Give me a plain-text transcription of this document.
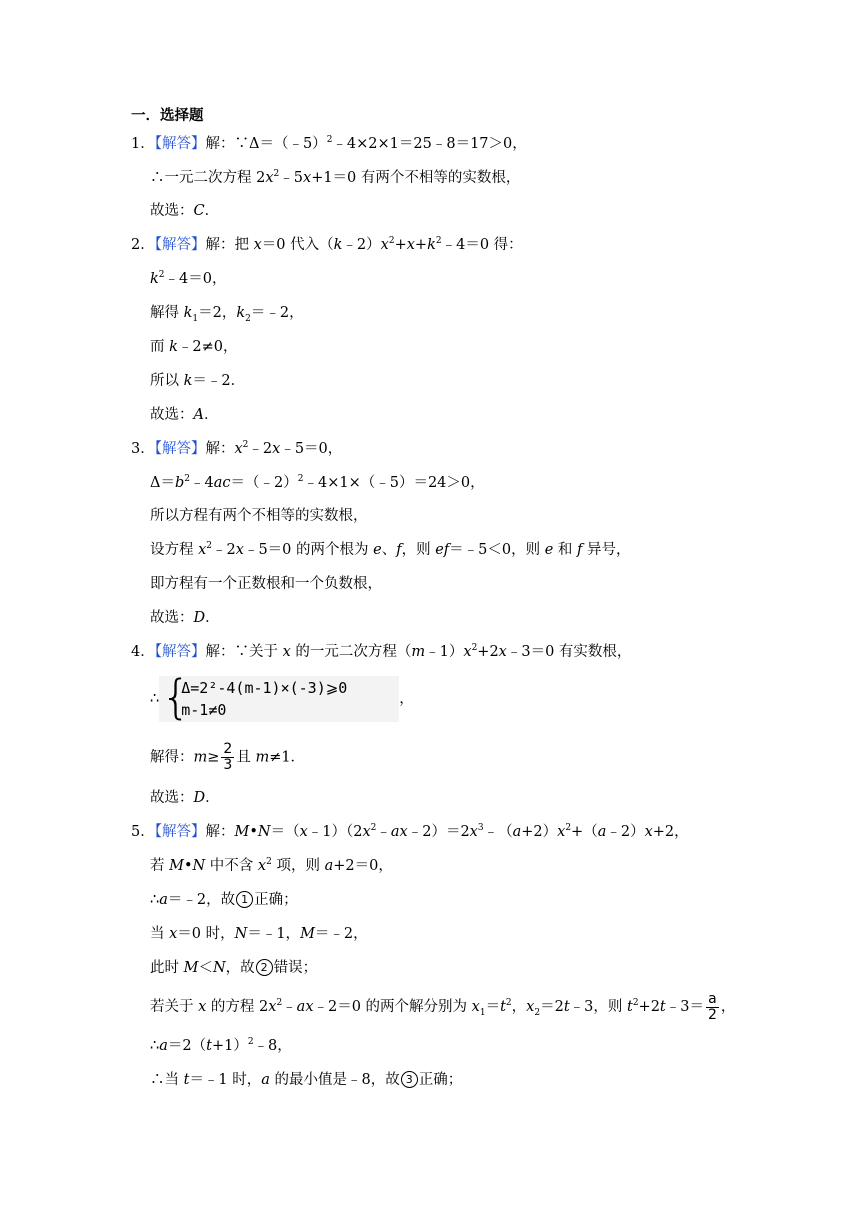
一．选择题
1．【解答】解：∵Δ＝（﹣5）$^2$﹣4×2×1＝25﹣8＝17＞0，
∴一元二次方程 $2x^2﹣5x+1=0$ 有两个不相等的实数根，
故选：C．
2．【解答】解：把 x＝0 代入$(k﹣2)x^2+x+k^2﹣4=0$ 得：
$k^2﹣4=0$，
解得 $k_1=2$，$k_2=﹣2$，
而 k﹣2≠0，
所以 k＝﹣2．
故选：A．
3．【解答】解：$x^2﹣2x﹣5=0$，
$\Delta=b^2﹣4ac=(﹣2)^2﹣4\times 1\times(﹣5)=24>0$，
所以方程有两个不相等的实数根，
设方程 $x^2﹣2x﹣5=0$ 的两个根为 e、f，则 ef＝﹣5＜0，则 e 和 f 异号，
即方程有一个正数根和一个负数根，
故选：D．
4．【解答】解：∵关于 x 的一元二次方程$(m﹣1)x^2+2x﹣3=0$ 有实数根，
∴ {
Δ=2²-4(m-1)×(-3)⩾0
m-1≠0
，
解得：$m\ge \frac{2}{3}$ 且 m≠1．
故选：D．
5．【解答】解：$M•N=(x﹣1)(2x^2﹣ax﹣2)=2x^3﹣(a+2)x^2+(a﹣2)x+2$，
若 M•N 中不含 $x^2$ 项，则 a+2＝0，
∴a＝﹣2，故 1 正确；
当 x＝0 时，N＝﹣1，M＝﹣2，
此时 M＜N，故 2 错误；
若关于 x 的方程 $2x^2﹣ax﹣2=0$ 的两个解分别为 $x_1=t^2$，$x_2=2t﹣3$，则 $t^2+2t﹣3= \frac{a}{2}$ ，
$\therefore a=2(t+1)^2﹣8$，
∴当 t＝﹣1 时，a 的最小值是﹣8，故 3 正确；
